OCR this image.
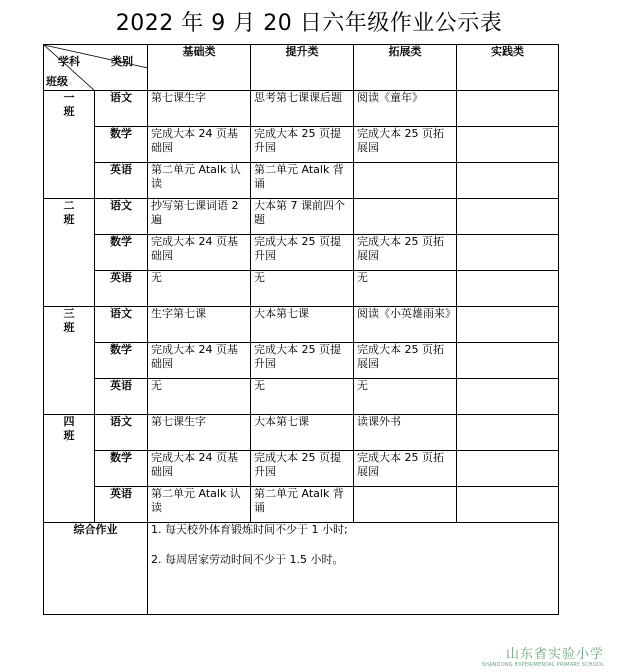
2022 年 9 月 20 日六年级作业公示表
学科 类别
班级		基础类	提升类	拓展类	实践类
一班	语文	第七课生字	思考第七课课后题	阅读《童年》	
	数学	完成大本 24 页基础园	完成大本 25 页提升园	完成大本 25 页拓展园	
	英语	第二单元 Atalk 认读	第二单元 Atalk 背诵		
二班	语文	抄写第七课词语 2 遍	大本第 7 课前四个题		
	数学	完成大本 24 页基础园	完成大本 25 页提升园	完成大本 25 页拓展园	
	英语	无	无	无	
三班	语文	生字第七课	大本第七课	阅读《小英雄雨来》	
	数学	完成大本 24 页基础园	完成大本 25 页提升园	完成大本 25 页拓展园	
	英语	无	无	无	
四班	语文	第七课生字	大本第七课	读课外书	
	数学	完成大本 24 页基础园	完成大本 25 页提升园	完成大本 25 页拓展园	
	英语	第二单元 Atalk 认读	第二单元 Atalk 背诵		
综合作业		1. 每天校外体育锻炼时间不少于 1 小时;
2. 每周居家劳动时间不少于 1.5 小时。			
山东省实验小学
SHANDONG EXPERIMENTAL PRIMARY SCHOOL
